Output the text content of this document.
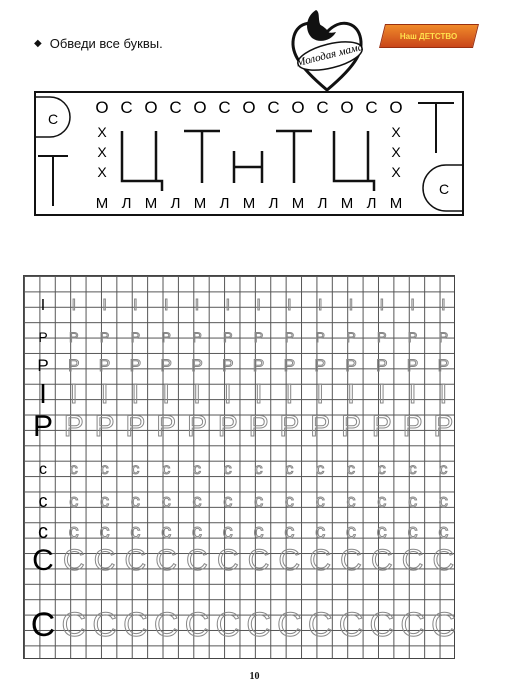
◆ Обведи все буквы.	Молодая мама
Наш ДЕТСТВО
С
С
О С О С О С О С О С О С О
М Л М Л М Л М Л М Л М Л М
Х
Х
Х
Х
Х
Х
I	I	I	I	I	I	I	I	I	I	I	I	I	I
P	P	P	P	P	P	P	P	P	P	P	P	P	P
P	P	P	P	P	P	P	P	P	P	P	P	P	P
I I I I I I I I I I I I I I
P P P P P P P P P P P P P P
c	c	c	c	c	c	c	c	c	c	c	c	c	c
c	c	c	c	c	c	c	c	c	c	c	c	c	c
c	c	c	c	c	c	c	c	c	c	c	c	c	c
C C C C C C C C C C C C C C
C C C C C C C C C C C C C C
10
